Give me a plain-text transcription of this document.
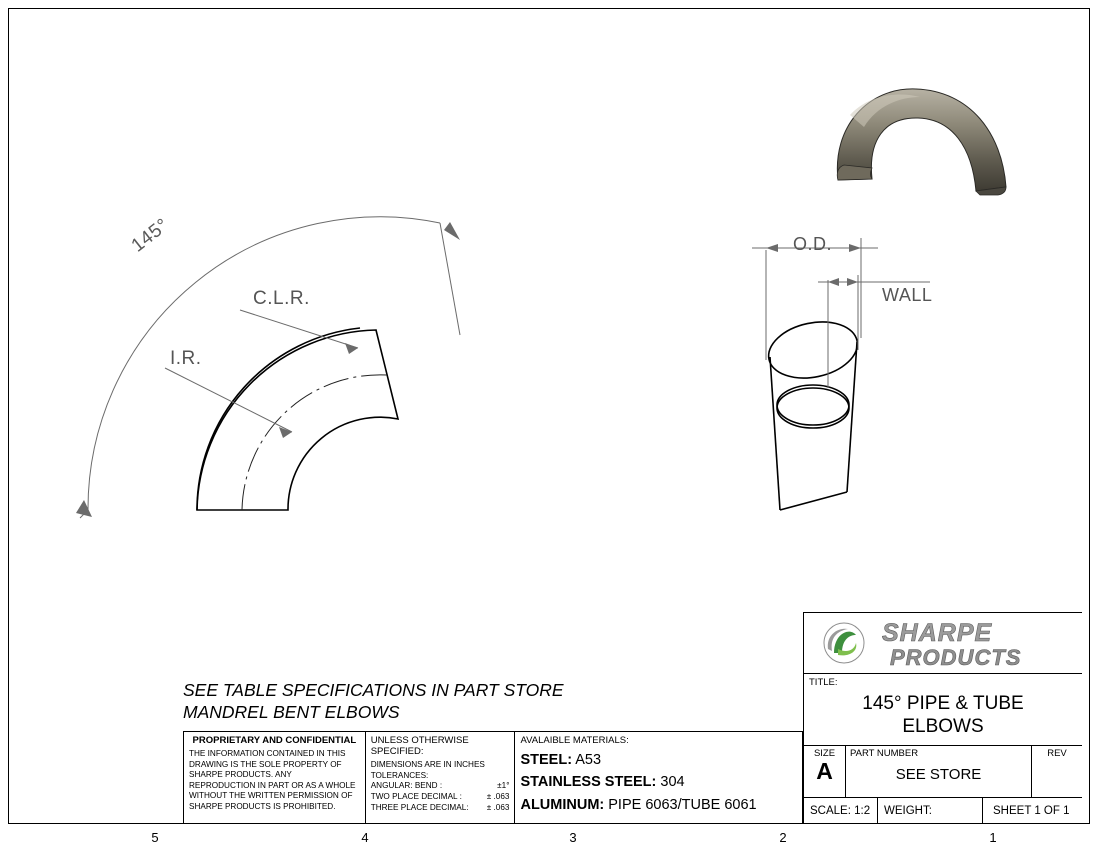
145°
C.L.R.
I.R.
O.D.
WALL
SEE TABLE SPECIFICATIONS IN PART STORE
MANDREL BENT ELBOWS
PROPRIETARY AND CONFIDENTIAL
THE INFORMATION CONTAINED IN THIS DRAWING IS THE SOLE PROPERTY OF SHARPE PRODUCTS. ANY REPRODUCTION IN PART OR AS A WHOLE WITHOUT THE WRITTEN PERMISSION OF SHARPE PRODUCTS IS PROHIBITED.
UNLESS OTHERWISE SPECIFIED:
DIMENSIONS ARE IN INCHES
TOLERANCES:
ANGULAR: BEND :	±1°
TWO PLACE DECIMAL :	± .063
THREE PLACE DECIMAL:	± .063
AVALAIBLE MATERIALS:
STEEL: A53
STAINLESS STEEL: 304
ALUMINUM: PIPE 6063/TUBE 6061
SHARPE
PRODUCTS
TITLE:
145° PIPE & TUBE
ELBOWS
SIZE
A
PART NUMBER
SEE STORE
REV
SCALE: 1:2	WEIGHT:	SHEET 1 OF 1
5	4	3	2	1
